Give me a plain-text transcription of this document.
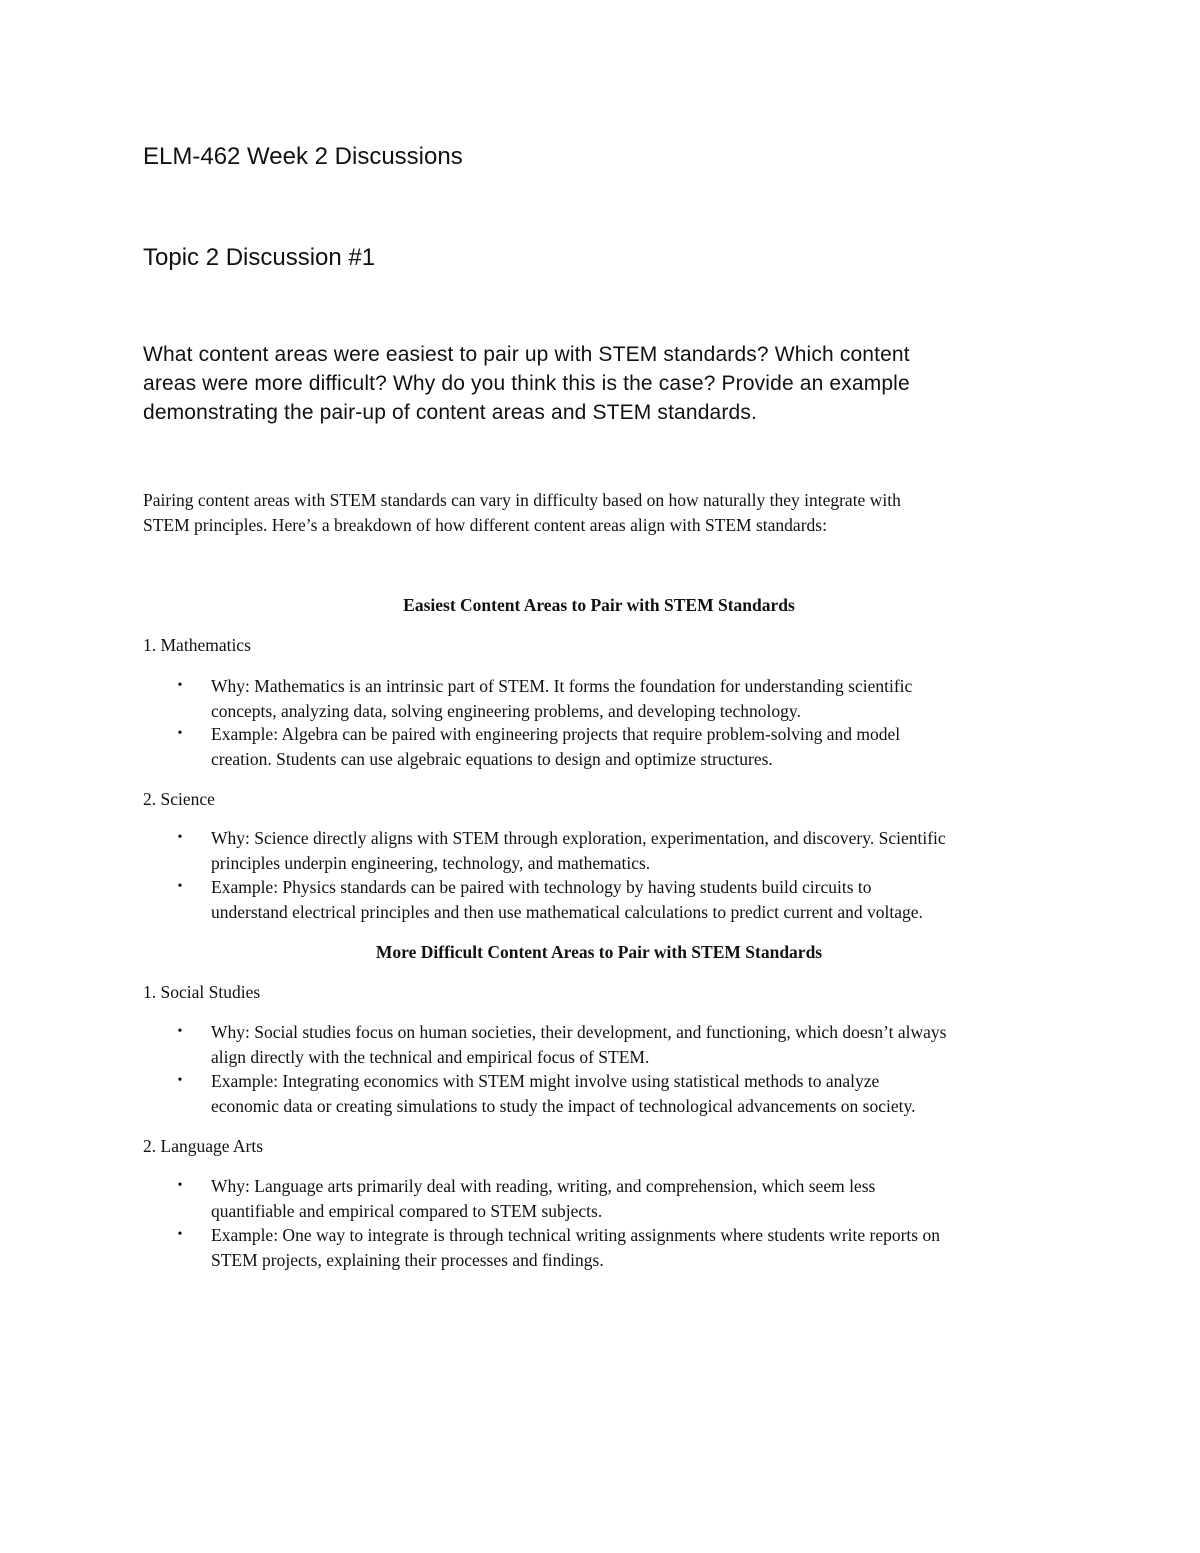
ELM-462 Week 2 Discussions
Topic 2 Discussion #1

What content areas were easiest to pair up with STEM standards? Which content
areas were more difficult? Why do you think this is the case? Provide an example
demonstrating the pair-up of content areas and STEM standards.

Pairing content areas with STEM standards can vary in difficulty based on how naturally they integrate with
STEM principles. Here’s a breakdown of how different content areas align with STEM standards:

Easiest Content Areas to Pair with STEM Standards

1. Mathematics

• Why: Mathematics is an intrinsic part of STEM. It forms the foundation for understanding scientific
concepts, analyzing data, solving engineering problems, and developing technology.
• Example: Algebra can be paired with engineering projects that require problem-solving and model
creation. Students can use algebraic equations to design and optimize structures.

2. Science

• Why: Science directly aligns with STEM through exploration, experimentation, and discovery. Scientific
principles underpin engineering, technology, and mathematics.
• Example: Physics standards can be paired with technology by having students build circuits to
understand electrical principles and then use mathematical calculations to predict current and voltage.
More Difficult Content Areas to Pair with STEM Standards

1. Social Studies

• Why: Social studies focus on human societies, their development, and functioning, which doesn’t always
align directly with the technical and empirical focus of STEM.
• Example: Integrating economics with STEM might involve using statistical methods to analyze
economic data or creating simulations to study the impact of technological advancements on society.

2. Language Arts

• Why: Language arts primarily deal with reading, writing, and comprehension, which seem less
quantifiable and empirical compared to STEM subjects.
• Example: One way to integrate is through technical writing assignments where students write reports on
STEM projects, explaining their processes and findings.
